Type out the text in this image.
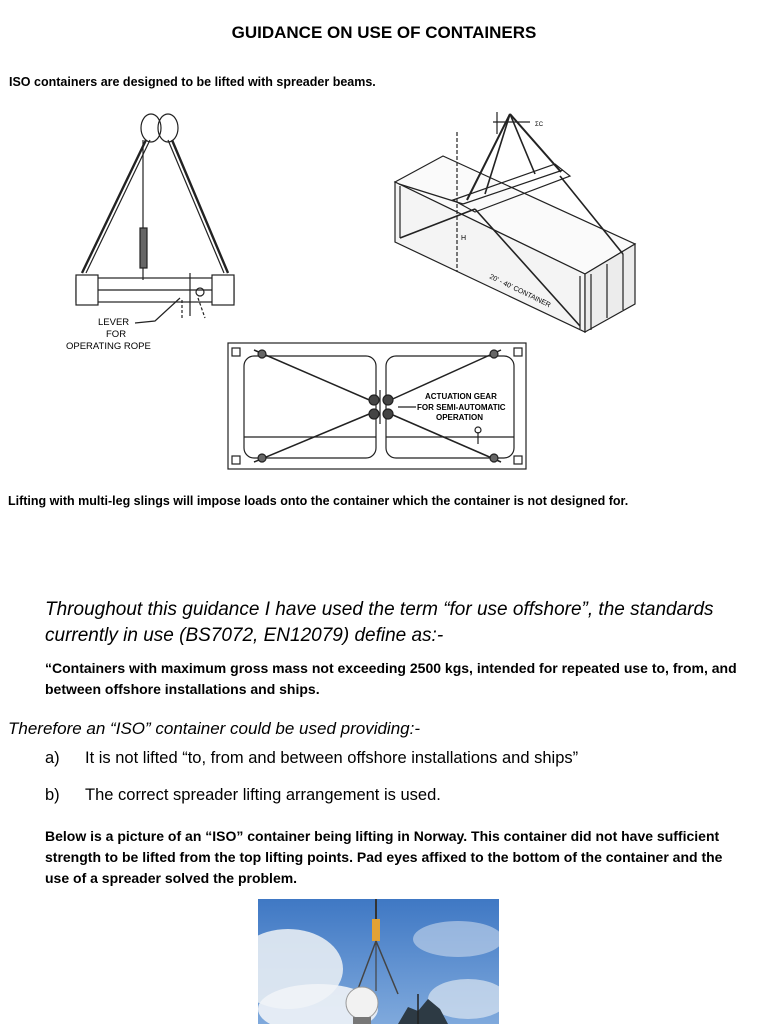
GUIDANCE ON USE OF CONTAINERS
ISO containers are designed to be lifted with spreader beams.
LEVER
FOR
OPERATING ROPE
H
ΣC
20' - 40' CONTAINER
ACTUATION GEAR
FOR SEMI-AUTOMATIC
OPERATION
Lifting with multi-leg slings will impose loads onto the container which the container is not designed for.
Throughout this guidance I have used the term “for use offshore”, the standards currently in use (BS7072, EN12079) define as:-
“Containers with maximum gross mass not exceeding 2500 kgs, intended for repeated use to, from, and between offshore installations and ships.
Therefore an “ISO” container could be used providing:-
a) It is not lifted “to, from and between offshore installations and ships”
b) The correct spreader lifting arrangement is used.
Below is a picture of an “ISO” container being lifting in Norway. This container did not have sufficient strength to be lifted from the top lifting points. Pad eyes affixed to the bottom of the container and the use of a spreader solved the problem.
